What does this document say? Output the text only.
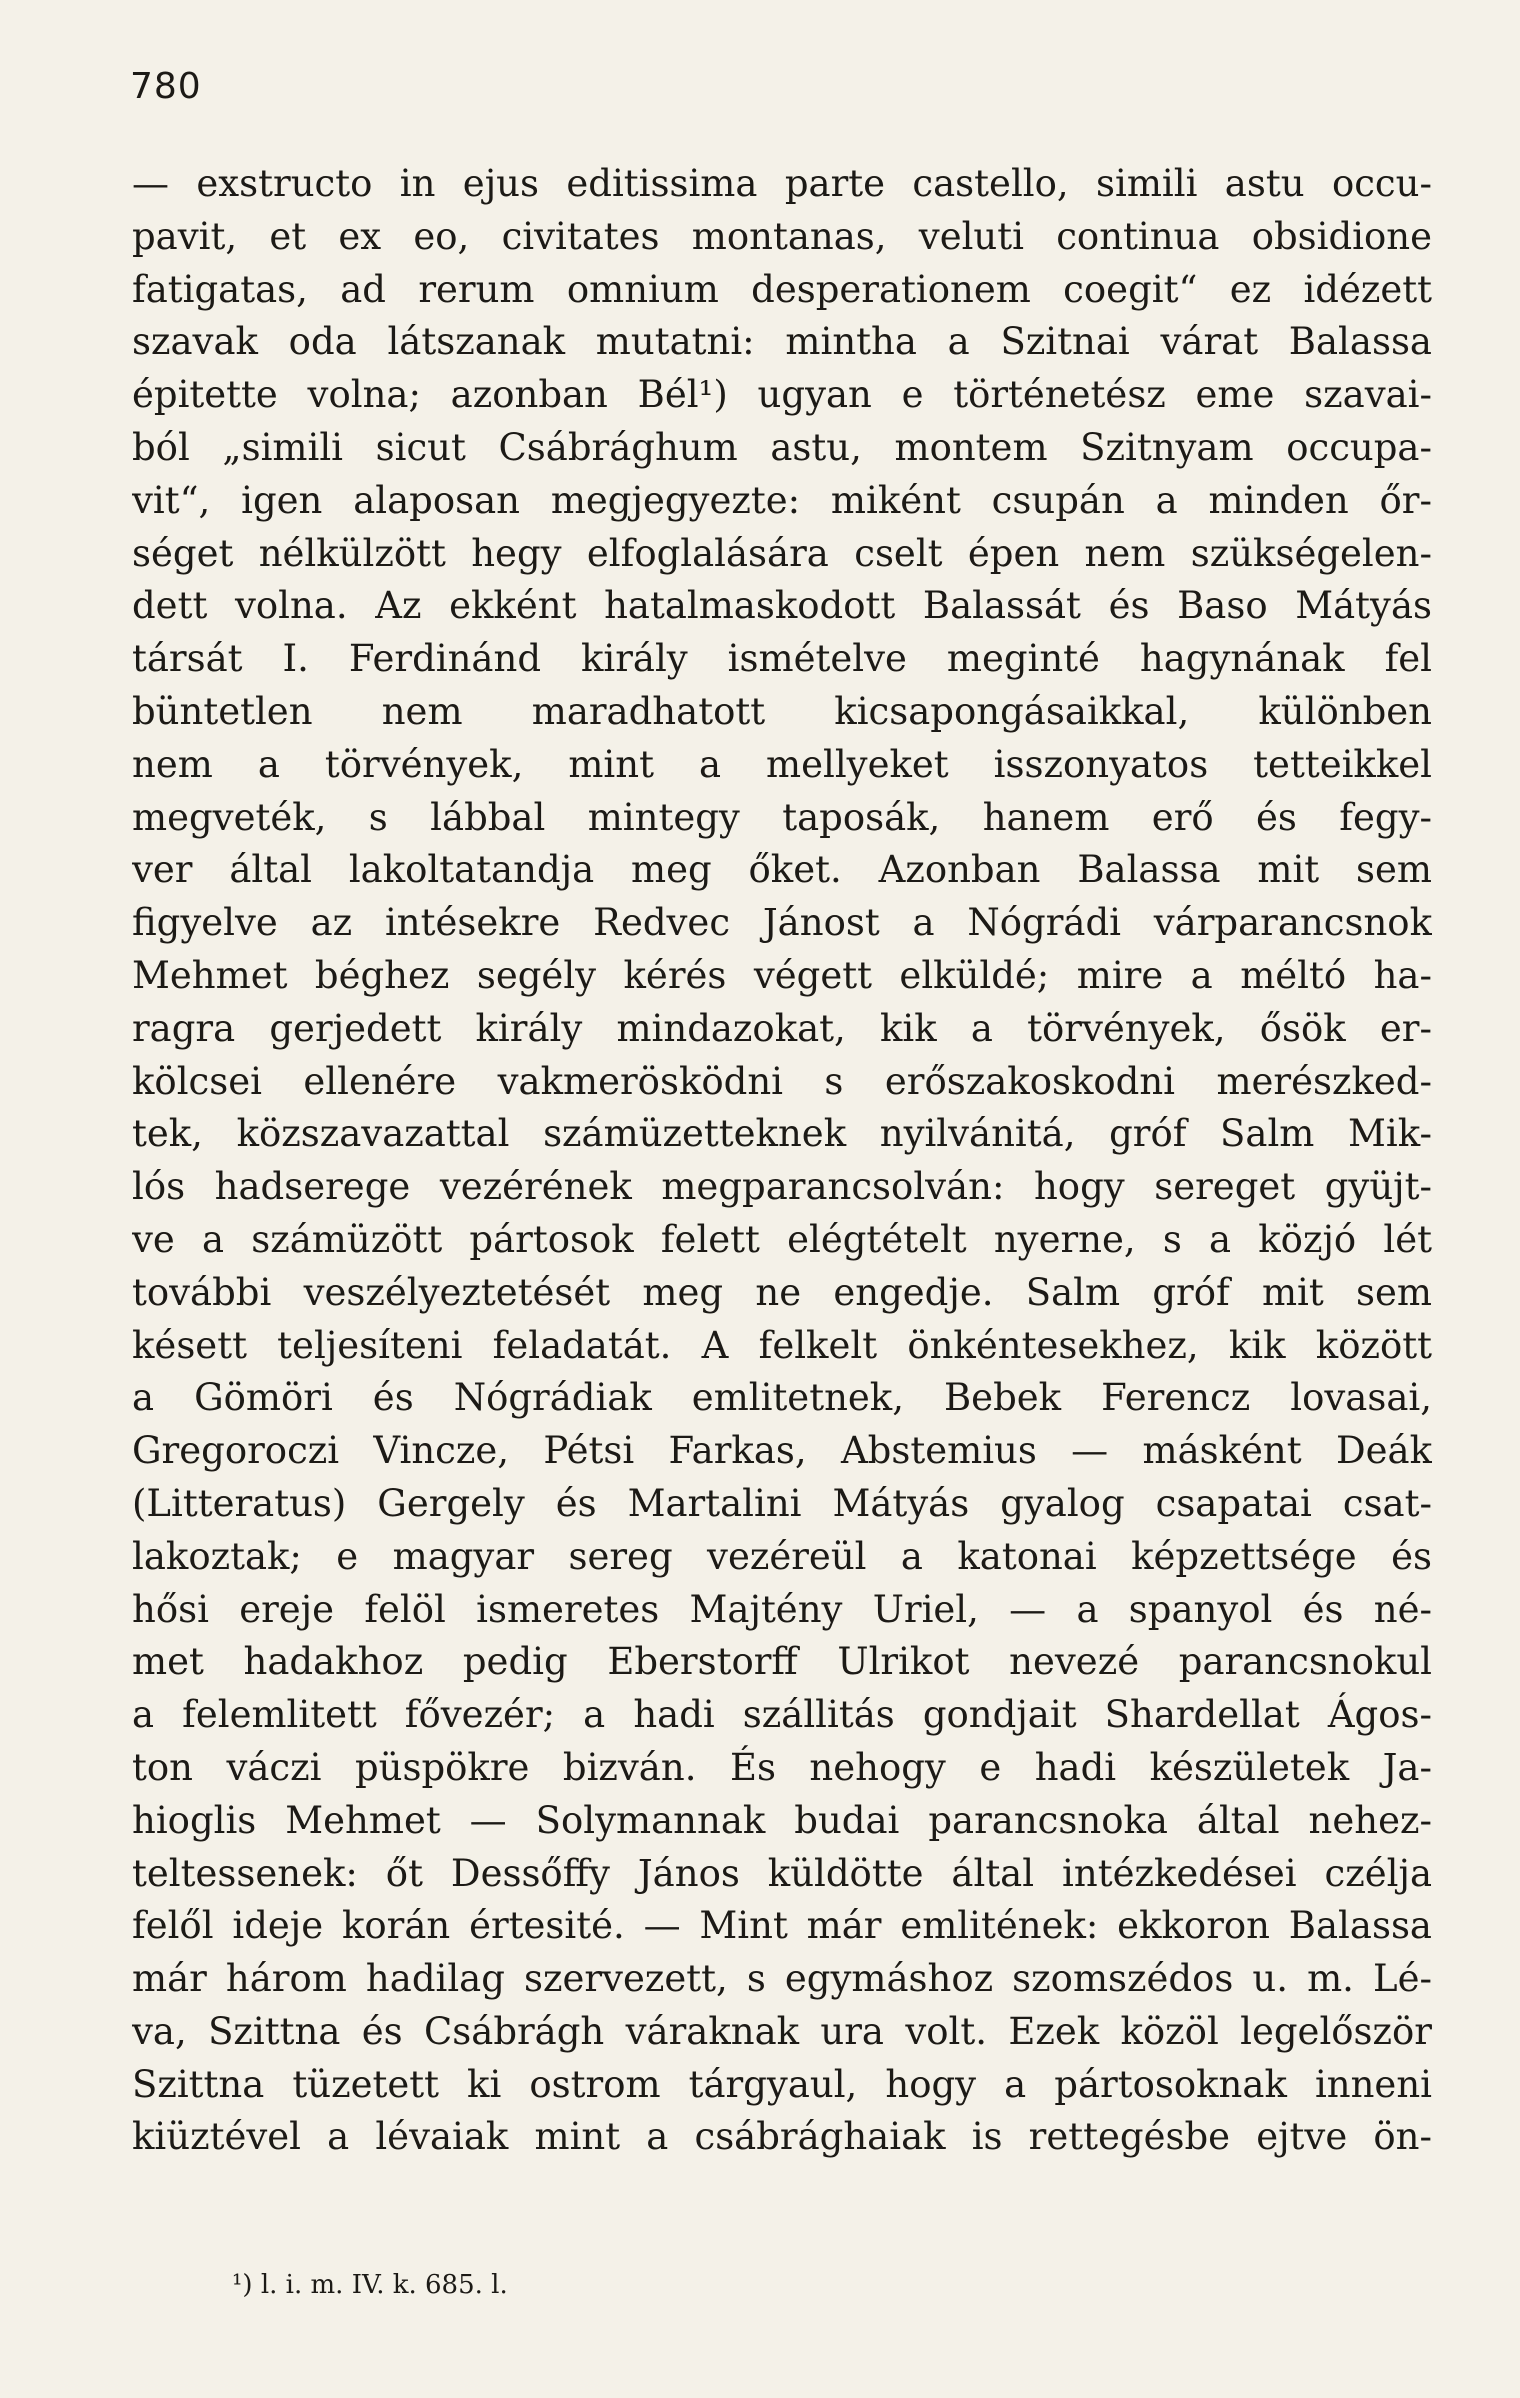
780
— exstructo in ejus editissima parte castello, simili astu occu-
pavit, et ex eo, civitates montanas, veluti continua obsidione
fatigatas, ad rerum omnium desperationem coegit“ ez idézett
szavak oda látszanak mutatni: mintha a Szitnai várat Balassa
épitette volna; azonban Bél¹) ugyan e történetész eme szavai-
ból „simili sicut Csábrághum astu, montem Szitnyam occupa-
vit“, igen alaposan megjegyezte: miként csupán a minden őr-
séget nélkülzött hegy elfoglalására cselt épen nem szükségelen-
dett volna. Az ekként hatalmaskodott Balassát és Baso Mátyás
társát I. Ferdinánd király ismételve meginté hagynának fel
büntetlen nem maradhatott kicsapongásaikkal, különben
nem a törvények, mint a mellyeket isszonyatos tetteikkel
megveték, s lábbal mintegy taposák, hanem erő és fegy-
ver által lakoltatandja meg őket. Azonban Balassa mit sem
figyelve az intésekre Redvec Jánost a Nógrádi várparancsnok
Mehmet béghez segély kérés végett elküldé; mire a méltó ha-
ragra gerjedett király mindazokat, kik a törvények, ősök er-
kölcsei ellenére vakmerösködni s erőszakoskodni merészked-
tek, közszavazattal számüzetteknek nyilvánitá, gróf Salm Mik-
lós hadserege vezérének megparancsolván: hogy sereget gyüjt-
ve a számüzött pártosok felett elégtételt nyerne, s a közjó lét
további veszélyeztetését meg ne engedje. Salm gróf mit sem
késett teljesíteni feladatát. A felkelt önkéntesekhez, kik között
a Gömöri és Nógrádiak emlitetnek, Bebek Ferencz lovasai,
Gregoroczi Vincze, Pétsi Farkas, Abstemius — másként Deák
(Litteratus) Gergely és Martalini Mátyás gyalog csapatai csat-
lakoztak; e magyar sereg vezéreül a katonai képzettsége és
hősi ereje felöl ismeretes Majtény Uriel, — a spanyol és né-
met hadakhoz pedig Eberstorff Ulrikot nevezé parancsnokul
a felemlitett fővezér; a hadi szállitás gondjait Shardellat Ágos-
ton váczi püspökre bizván. És nehogy e hadi készületek Ja-
hioglis Mehmet — Solymannak budai parancsnoka által nehez-
teltessenek: őt Dessőffy János küldötte által intézkedései czélja
felől ideje korán értesité. — Mint már emlitének: ekkoron Balassa
már három hadilag szervezett, s egymáshoz szomszédos u. m. Lé-
va, Szittna és Csábrágh váraknak ura volt. Ezek közöl legelőször
Szittna tüzetett ki ostrom tárgyaul, hogy a pártosoknak inneni
kiüztével a lévaiak mint a csábrághaiak is rettegésbe ejtve ön-
¹) l. i. m. IV. k. 685. l.
